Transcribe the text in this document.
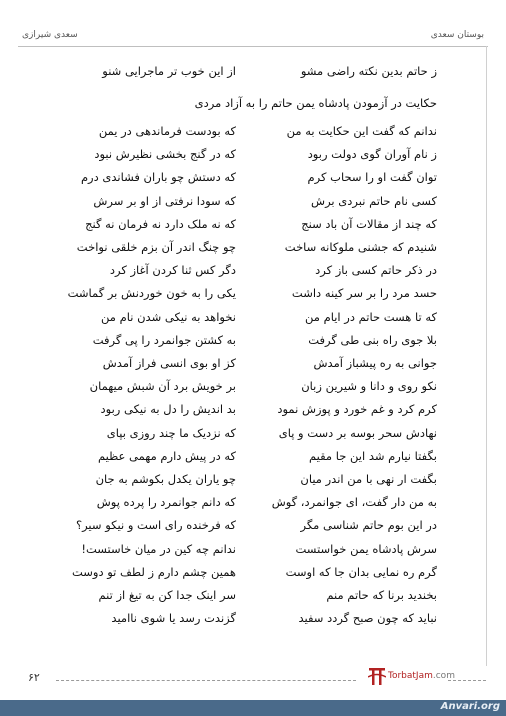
بوستان سعدی
سعدی شیرازی
ز حاتم بدین نکته راضی مشو
از این خوب تر ماجرایی شنو
حکایت در آزمودن پادشاه یمن حاتم را به آزاد مردی
ندانم که گفت این حکایت به من
که بودست فرماندهی در یمن
ز نام آوران گوی دولت ربود
که در گنج بخشی نظیرش نبود
توان گفت او را سحاب کرم
که دستش چو باران فشاندی درم
کسی نام حاتم نبردی برش
که سودا نرفتی از او بر سرش
که چند از مقالات آن باد سنج
که نه ملک دارد نه فرمان نه گنج
شنیدم که جشنی ملوکانه ساخت
چو چنگ اندر آن بزم خلقی نواخت
در ذکر حاتم کسی باز کرد
دگر کس ثنا کردن آغاز کرد
حسد مرد را بر سر کینه داشت
یکی را به خون خوردنش بر گماشت
که تا هست حاتم در ایام من
نخواهد به نیکی شدن نام من
بلا جوی راه بنی طی گرفت
به کشتن جوانمرد را پی گرفت
جوانی به ره پیشباز آمدش
کز او بوی انسی فراز آمدش
نکو روی و دانا و شیرین زبان
بر خویش برد آن شبش میهمان
کرم کرد و غم خورد و پوزش نمود
بد اندیش را دل به نیکی ربود
نهادش سحر بوسه بر دست و پای
که نزدیک ما چند روزی بپای
بگفتا نیارم شد این جا مقیم
که در پیش دارم مهمی عظیم
بگفت ار نهی با من اندر میان
چو یاران یکدل بکوشم به جان
به من دار گفت، ای جوانمرد، گوش
که دانم جوانمرد را پرده پوش
در این بوم حاتم شناسی مگر
که فرخنده رای است و نیکو سیر؟
سرش پادشاه یمن خواستست
ندانم چه کین در میان خاستست!
گرم ره نمایی بدان جا که اوست
همین چشم دارم ز لطف تو دوست
بخندید برنا که حاتم منم
سر اینک جدا کن به تیغ از تنم
نباید که چون صبح گردد سفید
گزندت رسد یا شوی ناامید
۶۲	TorbatJam.com
Anvari.org
